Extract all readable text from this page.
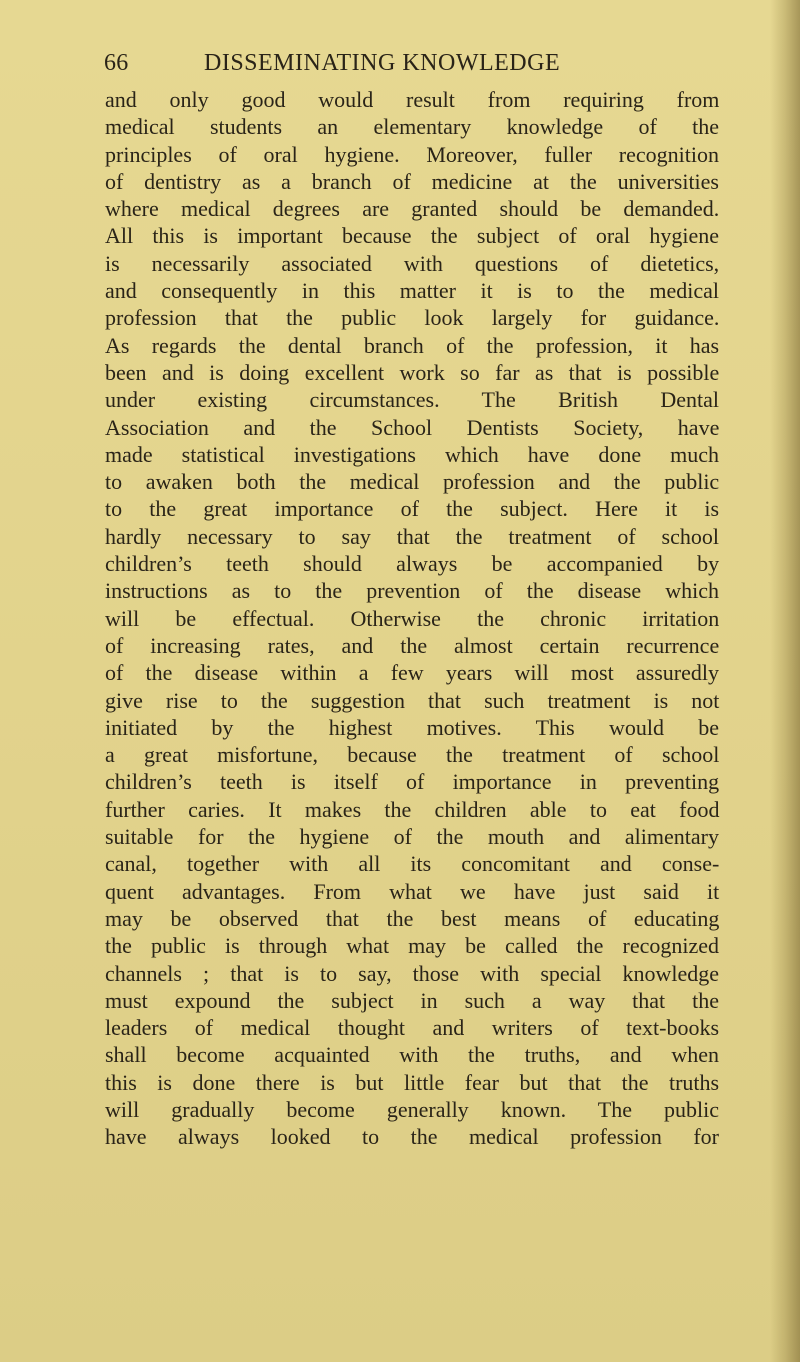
66	DISSEMINATING KNOWLEDGE
and only good would result from requiring from
medical students an elementary knowledge of the
principles of oral hygiene. Moreover, fuller recognition
of dentistry as a branch of medicine at the universities
where medical degrees are granted should be demanded.
All this is important because the subject of oral hygiene
is necessarily associated with questions of dietetics,
and consequently in this matter it is to the medical
profession that the public look largely for guidance.
As regards the dental branch of the profession, it has
been and is doing excellent work so far as that is possible
under existing circumstances. The British Dental
Association and the School Dentists Society, have
made statistical investigations which have done much
to awaken both the medical profession and the public
to the great importance of the subject. Here it is
hardly necessary to say that the treatment of school
children’s teeth should always be accompanied by
instructions as to the prevention of the disease which
will be effectual. Otherwise the chronic irritation
of increasing rates, and the almost certain recurrence
of the disease within a few years will most assuredly
give rise to the suggestion that such treatment is not
initiated by the highest motives. This would be
a great misfortune, because the treatment of school
children’s teeth is itself of importance in preventing
further caries. It makes the children able to eat food
suitable for the hygiene of the mouth and alimentary
canal, together with all its concomitant and conse-
quent advantages. From what we have just said it
may be observed that the best means of educating
the public is through what may be called the recognized
channels ; that is to say, those with special knowledge
must expound the subject in such a way that the
leaders of medical thought and writers of text-books
shall become acquainted with the truths, and when
this is done there is but little fear but that the truths
will gradually become generally known. The public
have always looked to the medical profession for
